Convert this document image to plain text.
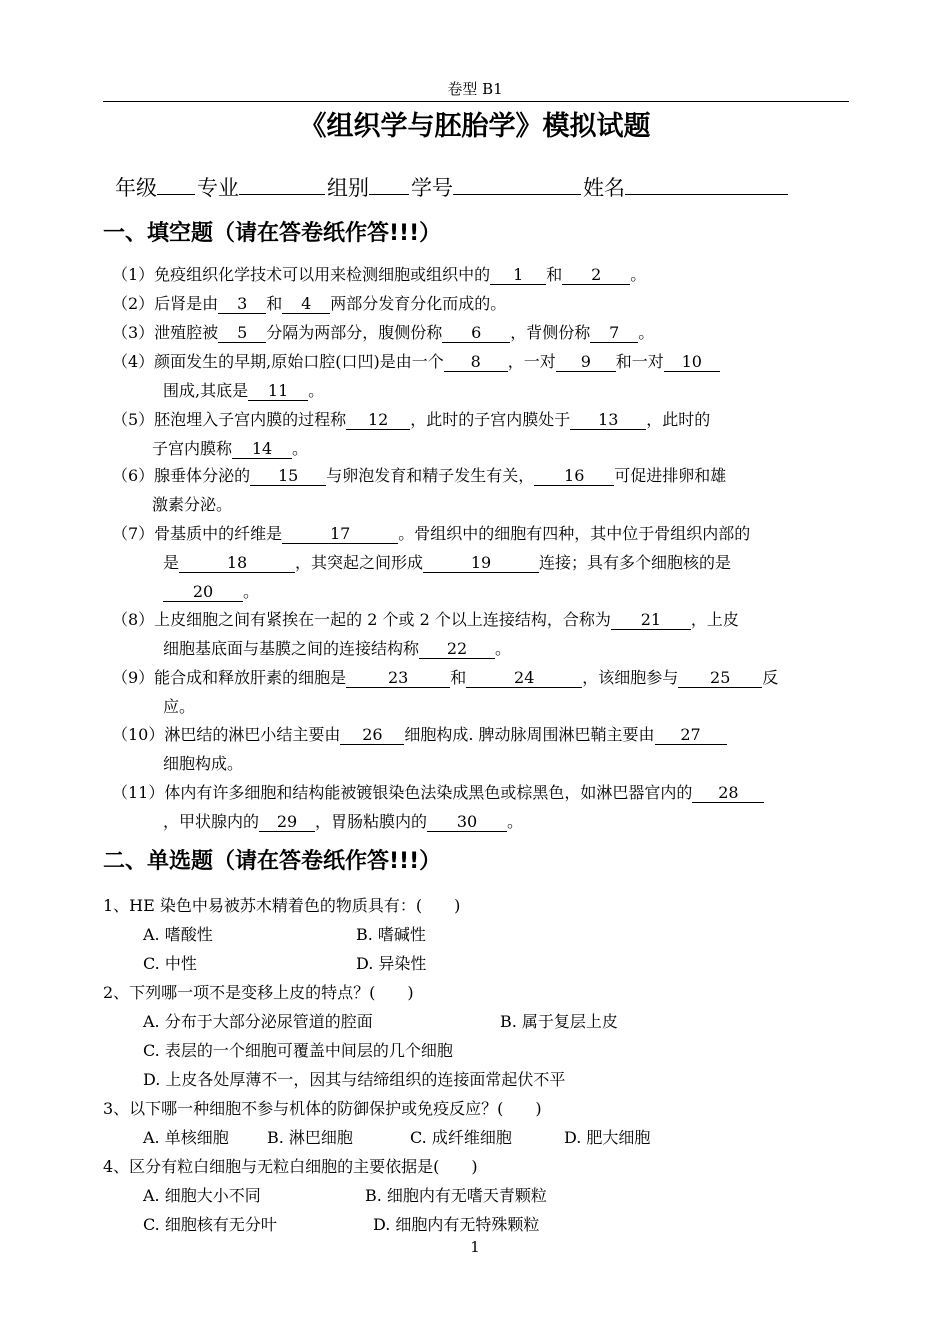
卷型 B1
《组织学与胚胎学》模拟试题
年级 专业	组别 学号	姓名
一、填空题（请在答卷纸作答!!!）
（1）免疫组织化学技术可以用来检测细胞或组织中的 1 和 2 。
（2）后肾是由 3 和 4 两部分发育分化而成的。
（3）泄殖腔被 5 分隔为两部分，腹侧份称 6 ，背侧份称 7 。
（4）颜面发生的早期,原始口腔(口凹)是由一个 8 ，一对 9 和一对 10
围成,其底是 11 。
（5）胚泡埋入子宫内膜的过程称 12 ，此时的子宫内膜处于 13 ，此时的
子宫内膜称 14 。
（6）腺垂体分泌的 15 与卵泡发育和精子发生有关， 16 可促进排卵和雄
激素分泌。
（7）骨基质中的纤维是	17	。骨组织中的细胞有四种，其中位于骨组织内部的
是	18	，其突起之间形成	19	连接；具有多个细胞核的是
20 。
（8）上皮细胞之间有紧挨在一起的 2 个或 2 个以上连接结构，合称为 21 ，上皮
细胞基底面与基膜之间的连接结构称 22 。
（9）能合成和释放肝素的细胞是	23	和	24	，该细胞参与 25 反
应。
（10）淋巴结的淋巴小结主要由 26 细胞构成. 脾动脉周围淋巴鞘主要由 27
细胞构成。
（11）体内有许多细胞和结构能被镀银染色法染成黑色或棕黑色，如淋巴器官内的 28
，甲状腺内的 29 ，胃肠粘膜内的 30 。
二、单选题（请在答卷纸作答!!!）
1、HE 染色中易被苏木精着色的物质具有：(　　)
A. 嗜酸性	B. 嗜碱性
C. 中性	D. 异染性
2、下列哪一项不是变移上皮的特点？(　　)
A. 分布于大部分泌尿管道的腔面	B. 属于复层上皮
C. 表层的一个细胞可覆盖中间层的几个细胞
D. 上皮各处厚薄不一，因其与结缔组织的连接面常起伏不平
3、以下哪一种细胞不参与机体的防御保护或免疫反应？(　　)
A. 单核细胞 B. 淋巴细胞	C. 成纤维细胞	D. 肥大细胞
4、区分有粒白细胞与无粒白细胞的主要依据是(　　)
A. 细胞大小不同	B. 细胞内有无嗜天青颗粒
C. 细胞核有无分叶	D. 细胞内有无特殊颗粒
1
